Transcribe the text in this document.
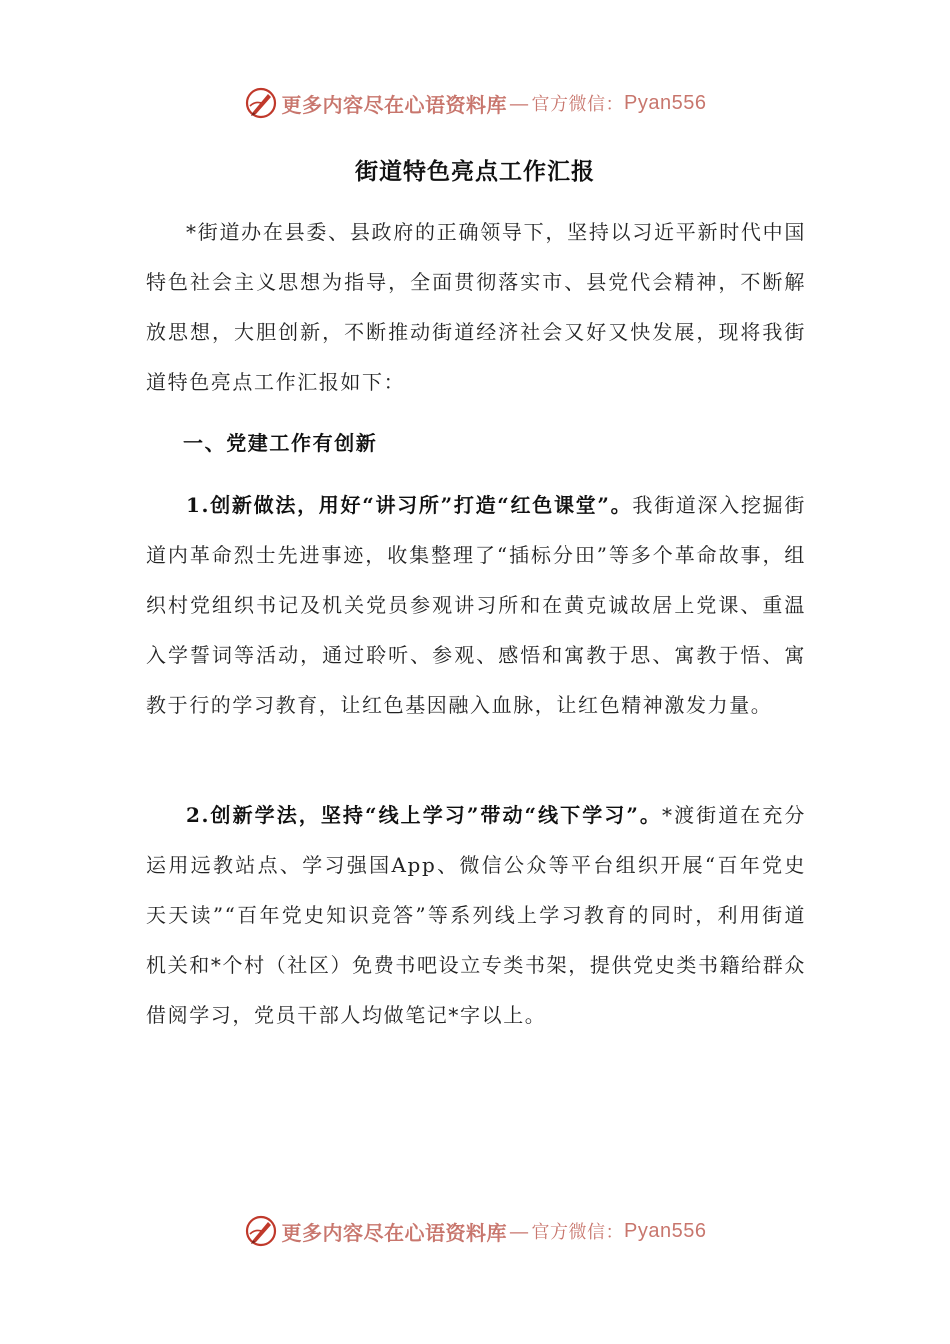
更多内容尽在心语资料库 — 官方微信： Pyan556
街道特色亮点工作汇报

*街道办在县委、县政府的正确领导下，坚持以习近平新时代中国特色社会主义思想为指导，全面贯彻落实市、县党代会精神，不断解放思想，大胆创新，不断推动街道经济社会又好又快发展，现将我街道特色亮点工作汇报如下：

一、党建工作有创新

1.创新做法，用好“讲习所”打造“红色课堂”。我街道深入挖掘街道内革命烈士先进事迹，收集整理了“插标分田”等多个革命故事，组织村党组织书记及机关党员参观讲习所和在黄克诚故居上党课、重温入学誓词等活动，通过聆听、参观、感悟和寓教于思、寓教于悟、寓教于行的学习教育，让红色基因融入血脉，让红色精神激发力量。

2.创新学法，坚持“线上学习”带动“线下学习”。*渡街道在充分运用远教站点、学习强国App、微信公众等平台组织开展“百年党史天天读”“百年党史知识竞答”等系列线上学习教育的同时，利用街道机关和*个村（社区）免费书吧设立专类书架，提供党史类书籍给群众借阅学习，党员干部人均做笔记*字以上。

更多内容尽在心语资料库 — 官方微信： Pyan556
